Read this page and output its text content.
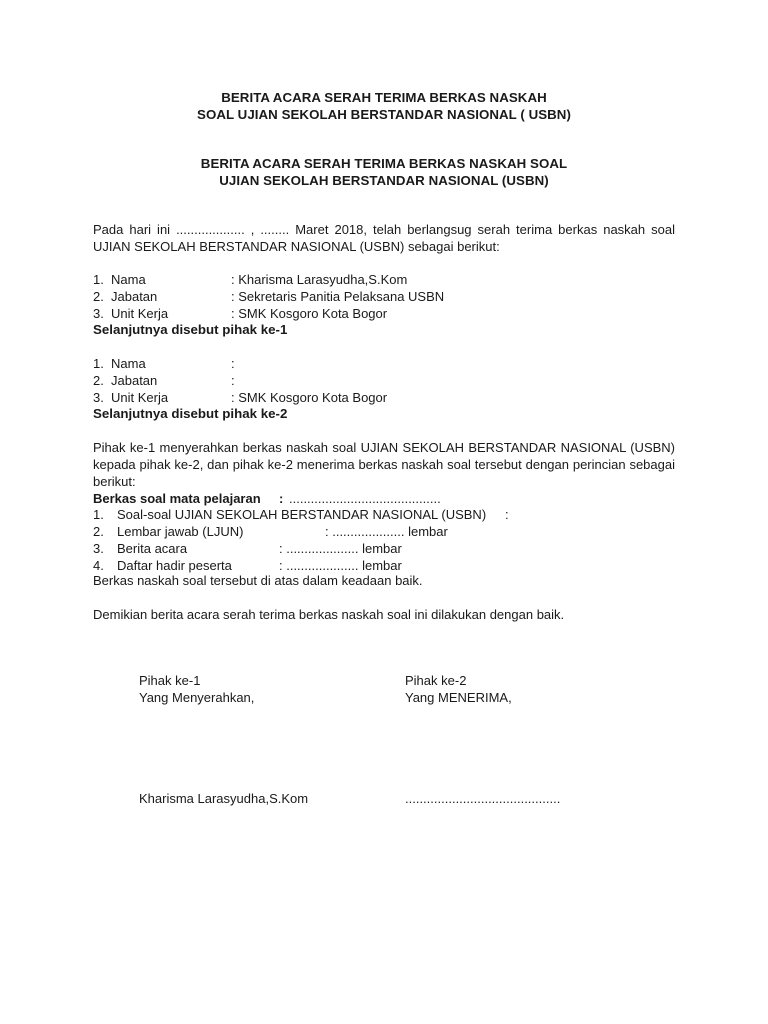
BERITA ACARA SERAH TERIMA BERKAS NASKAH
SOAL UJIAN SEKOLAH BERSTANDAR NASIONAL ( USBN)
BERITA ACARA SERAH TERIMA BERKAS NASKAH SOAL
UJIAN SEKOLAH BERSTANDAR NASIONAL (USBN)
Pada hari ini ................... , ........ Maret 2018, telah berlangsug serah terima berkas naskah soal UJIAN SEKOLAH BERSTANDAR NASIONAL (USBN) sebagai berikut:
1. Nama	: Kharisma Larasyudha,S.Kom
2. Jabatan	: Sekretaris Panitia Pelaksana USBN
3. Unit Kerja	: SMK Kosgoro Kota Bogor
Selanjutnya disebut pihak ke-1
1. Nama	:
2. Jabatan	:
3. Unit Kerja	: SMK Kosgoro Kota Bogor
Selanjutnya disebut pihak ke-2
Pihak ke-1 menyerahkan berkas naskah soal UJIAN SEKOLAH BERSTANDAR NASIONAL (USBN) kepada pihak ke-2, dan pihak ke-2 menerima berkas naskah soal tersebut dengan perincian sebagai berikut:
Berkas soal mata pelajaran : ..........................................
1. Soal-soal UJIAN SEKOLAH BERSTANDAR NASIONAL (USBN) :
2. Lembar jawab (LJUN)	: .................... lembar
3. Berita acara	: .................... lembar
4. Daftar hadir peserta	: .................... lembar
Berkas naskah soal tersebut di atas dalam keadaan baik.
Demikian berita acara serah terima berkas naskah soal ini dilakukan dengan baik.
Pihak ke-1
Yang Menyerahkan,
Kharisma Larasyudha,S.Kom
Pihak ke-2
Yang MENERIMA,
...........................................
